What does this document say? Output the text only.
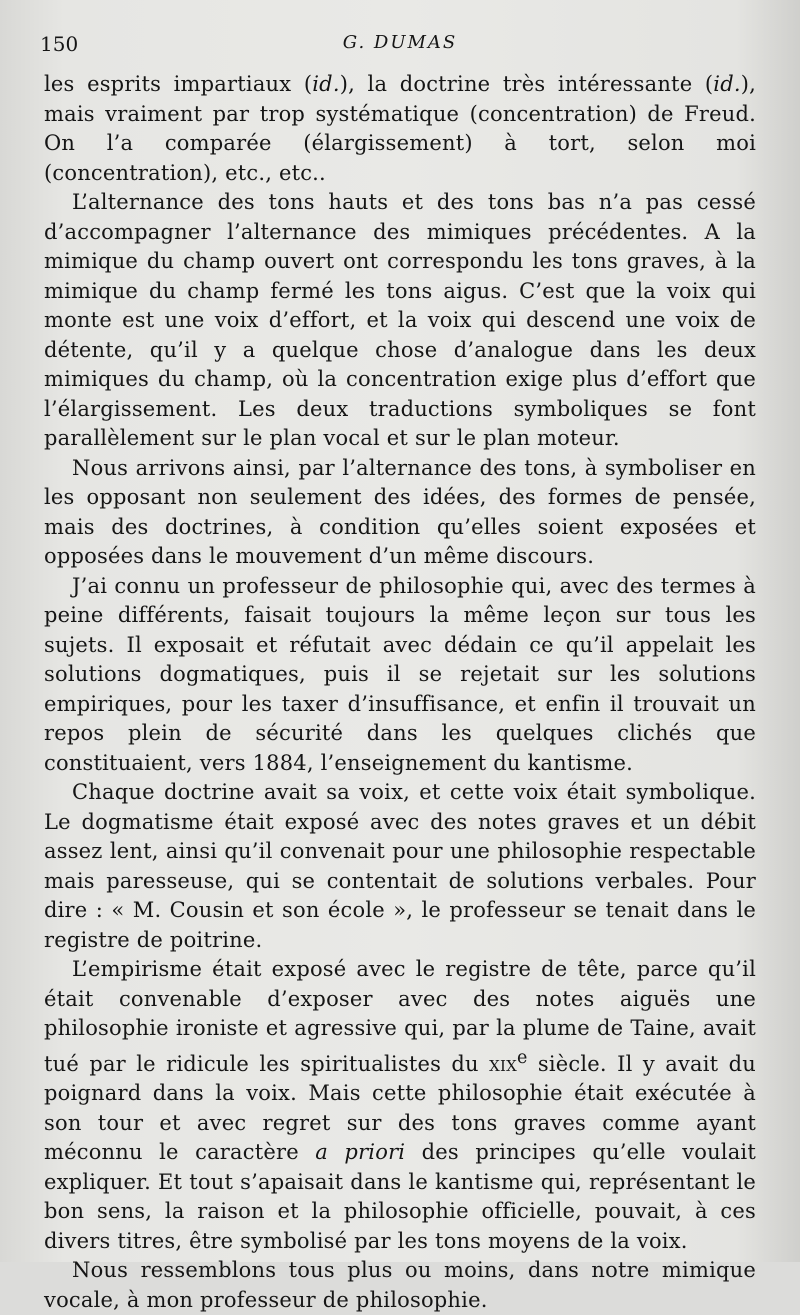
150	G. DUMAS

les esprits impartiaux (id.), la doctrine très intéressante (id.), mais vraiment par trop systématique (concentration) de Freud. On l’a comparée (élargissement) à tort, selon moi (concentration), etc., etc..

L’alternance des tons hauts et des tons bas n’a pas cessé d’accompagner l’alternance des mimiques précédentes. A la mimique du champ ouvert ont correspondu les tons graves, à la mimique du champ fermé les tons aigus. C’est que la voix qui monte est une voix d’effort, et la voix qui descend une voix de détente, qu’il y a quelque chose d’analogue dans les deux mimiques du champ, où la concentration exige plus d’effort que l’élargissement. Les deux traductions symboliques se font parallèlement sur le plan vocal et sur le plan moteur.

Nous arrivons ainsi, par l’alternance des tons, à symboliser en les opposant non seulement des idées, des formes de pensée, mais des doctrines, à condition qu’elles soient exposées et opposées dans le mouvement d’un même discours.

J’ai connu un professeur de philosophie qui, avec des termes à peine différents, faisait toujours la même leçon sur tous les sujets. Il exposait et réfutait avec dédain ce qu’il appelait les solutions dogmatiques, puis il se rejetait sur les solutions empiriques, pour les taxer d’insuffisance, et enfin il trouvait un repos plein de sécurité dans les quelques clichés que constituaient, vers 1884, l’enseignement du kantisme.

Chaque doctrine avait sa voix, et cette voix était symbolique. Le dogmatisme était exposé avec des notes graves et un débit assez lent, ainsi qu’il convenait pour une philosophie respectable mais paresseuse, qui se contentait de solutions verbales. Pour dire : « M. Cousin et son école », le professeur se tenait dans le registre de poitrine.

L’empirisme était exposé avec le registre de tête, parce qu’il était convenable d’exposer avec des notes aiguës une philosophie ironiste et agressive qui, par la plume de Taine, avait tué par le ridicule les spiritualistes du xix$^e$ siècle. Il y avait du poignard dans la voix. Mais cette philosophie était exécutée à son tour et avec regret sur des tons graves comme ayant méconnu le caractère a priori des principes qu’elle voulait expliquer. Et tout s’apaisait dans le kantisme qui, représentant le bon sens, la raison et la philosophie officielle, pouvait, à ces divers titres, être symbolisé par les tons moyens de la voix.

Nous ressemblons tous plus ou moins, dans notre mimique vocale, à mon professeur de philosophie.
